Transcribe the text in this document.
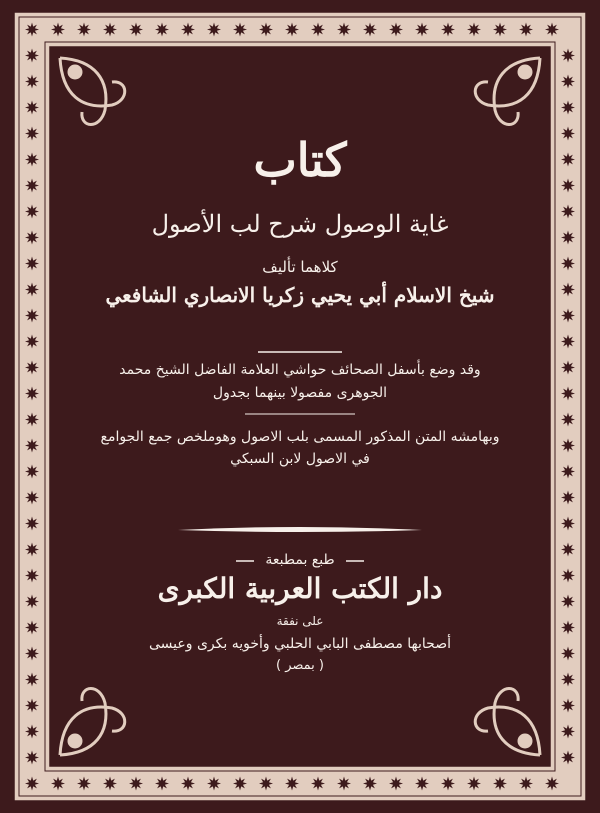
كتاب
غاية الوصول شرح لب الأصول
كلاهما تأليف
شيخ الاسلام أبي يحيي زكريا الانصاري الشافعي
وقد وضع بأسفل الصحائف حواشي العلامة الفاضل الشيخ محمد
الجوهرى مفصولا بينهما بجدول
وبهامشه المتن المذكور المسمى بلب الاصول وهوملخص جمع الجوامع
في الاصول لابن السبكي
طبع بمطبعة
دار الكتب العربية الكبرى
على نفقة
أصحابها مصطفى البابي الحلبي وأخويه بكرى وعيسى
( بمصر )
